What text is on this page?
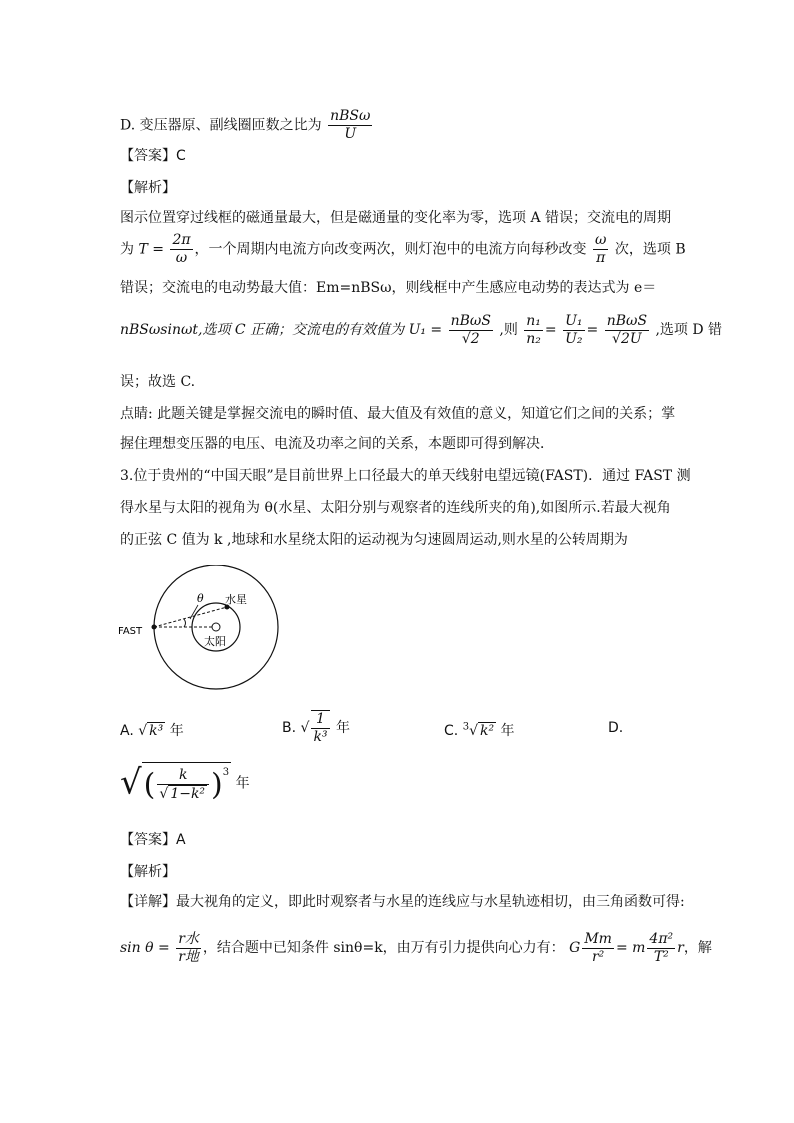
D. 变压器原、副线圈匝数之比为 $\frac{\text{nBSω}}{U}$
【答案】C
【解析】
图示位置穿过线框的磁通量最大，但是磁通量的变化率为零，选项 A 错误；交流电的周期
为 $T = \frac{2\pi}{\omega}$ ，一个周期内电流方向改变两次，则灯泡中的电流方向每秒改变 $\frac{\omega}{\pi}$ 次，选项 B
错误；交流电的电动势最大值：Em=nBSω，则线框中产生感应电动势的表达式为 e＝
nBSωsinωt,选项 C 正确；交流电的有效值为 $U_1 = \frac{\text{nBωS}}{√2}$ ,则 $\frac{\text{n₁}}{\text{n₂}} = \frac{\text{U₁}}{\text{U₂}} = \frac{\text{nBωS}}{√2U}$ ,选项 D 错
误；故选 C.
点睛: 此题关键是掌握交流电的瞬时值、最大值及有效值的意义，知道它们之间的关系；掌
握住理想变压器的电压、电流及功率之间的关系，本题即可得到解决．
3.位于贵州的“中国天眼”是目前世界上口径最大的单天线射电望远镜(FAST)．通过 FAST 测
得水星与太阳的视角为 θ(水星、太阳分别与观察者的连线所夹的角),如图所示.若最大视角
的正弦 C 值为 k ,地球和水星绕太阳的运动视为匀速圆周运动,则水星的公转周期为
FAST
θ 水星
太阳
A. √ k³ 年	B. √ $\frac{1}{\text{k³}}$ 年	C. $^3$√ k² 年	D.
√( $\frac{k}{\text{√ 1−k²}} )^3$ 年
【答案】A
【解析】
【详解】最大视角的定义，即此时观察者与水星的连线应与水星轨迹相切，由三角函数可得:
$\sin \theta = \frac{\text{r水}}{\text{r地}}$ ，结合题中已知条件 sinθ=k，由万有引力提供向心力有： G $\frac{Mm}{\text{r²}} = m \frac{\text{4π²}}{\text{T²}}$ r，解
